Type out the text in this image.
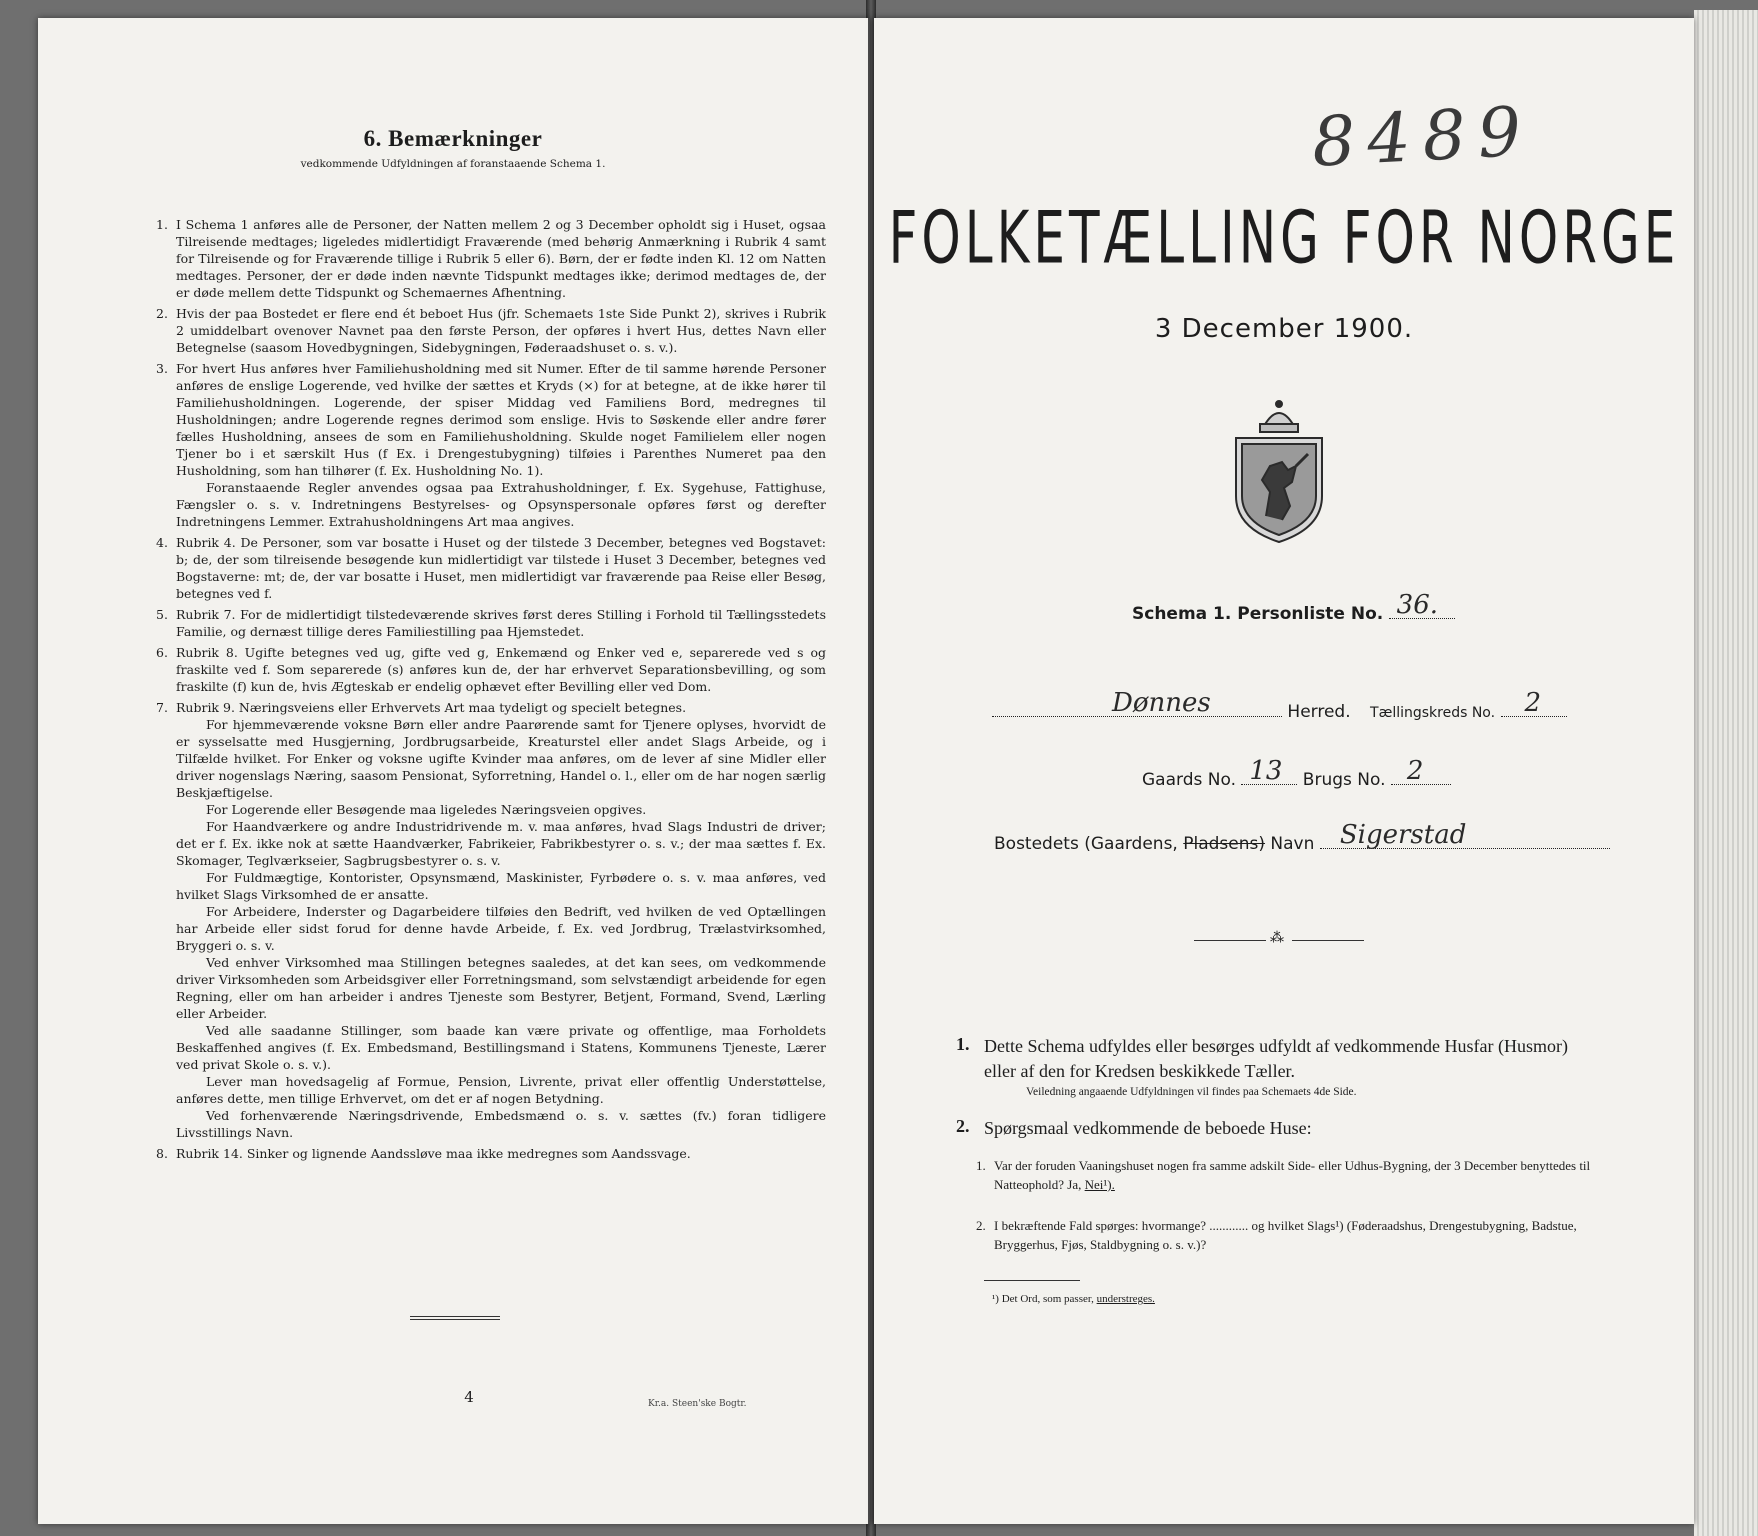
6. Bemærkninger
vedkommende Udfyldningen af foranstaaende Schema 1.
1. I Schema 1 anføres alle de Personer, der Natten mellem 2 og 3 December opholdt sig i Huset, ogsaa Tilreisende medtages; ligeledes midlertidigt Fraværende (med behørig Anmærkning i Rubrik 4 samt for Tilreisende og for Fraværende tillige i Rubrik 5 eller 6). Børn, der er fødte inden Kl. 12 om Natten medtages. Personer, der er døde inden nævnte Tidspunkt medtages ikke; derimod medtages de, der er døde mellem dette Tidspunkt og Schemaernes Afhentning.

2. Hvis der paa Bostedet er flere end ét beboet Hus (jfr. Schemaets 1ste Side Punkt 2), skrives i Rubrik 2 umiddelbart ovenover Navnet paa den første Person, der opføres i hvert Hus, dettes Navn eller Betegnelse (saasom Hovedbygningen, Sidebygningen, Føderaadshuset o. s. v.).

3. For hvert Hus anføres hver Familiehusholdning med sit Numer. Efter de til samme hørende Personer anføres de enslige Logerende, ved hvilke der sættes et Kryds (×) for at betegne, at de ikke hører til Familiehusholdningen. Logerende, der spiser Middag ved Familiens Bord, medregnes til Husholdningen; andre Logerende regnes derimod som enslige. Hvis to Søskende eller andre fører fælles Husholdning, ansees de som en Familiehusholdning. Skulde noget Familielem eller nogen Tjener bo i et særskilt Hus (f Ex. i Drengestubygning) tilføies i Parenthes Numeret paa den Husholdning, som han tilhører (f. Ex. Husholdning No. 1).

Foranstaaende Regler anvendes ogsaa paa Extrahusholdninger, f. Ex. Sygehuse, Fattighuse, Fængsler o. s. v. Indretningens Bestyrelses- og Opsynspersonale opføres først og derefter Indretningens Lemmer. Extrahusholdningens Art maa angives.

4. Rubrik 4. De Personer, som var bosatte i Huset og der tilstede 3 December, betegnes ved Bogstavet: b; de, der som tilreisende besøgende kun midlertidigt var tilstede i Huset 3 December, betegnes ved Bogstaverne: mt; de, der var bosatte i Huset, men midlertidigt var fraværende paa Reise eller Besøg, betegnes ved f.

5. Rubrik 7. For de midlertidigt tilstedeværende skrives først deres Stilling i Forhold til Tællingsstedets Familie, og dernæst tillige deres Familiestilling paa Hjemstedet.

6. Rubrik 8. Ugifte betegnes ved ug, gifte ved g, Enkemænd og Enker ved e, separerede ved s og fraskilte ved f. Som separerede (s) anføres kun de, der har erhvervet Separationsbevilling, og som fraskilte (f) kun de, hvis Ægteskab er endelig ophævet efter Bevilling eller ved Dom.

7. Rubrik 9. Næringsveiens eller Erhvervets Art maa tydeligt og specielt betegnes.

For hjemmeværende voksne Børn eller andre Paarørende samt for Tjenere oplyses, hvorvidt de er sysselsatte med Husgjerning, Jordbrugsarbeide, Kreaturstel eller andet Slags Arbeide, og i Tilfælde hvilket. For Enker og voksne ugifte Kvinder maa anføres, om de lever af sine Midler eller driver nogenslags Næring, saasom Pensionat, Syforretning, Handel o. l., eller om de har nogen særlig Beskjæftigelse.

For Logerende eller Besøgende maa ligeledes Næringsveien opgives.

For Haandværkere og andre Industridrivende m. v. maa anføres, hvad Slags Industri de driver; det er f. Ex. ikke nok at sætte Haandværker, Fabrikeier, Fabrikbestyrer o. s. v.; der maa sættes f. Ex. Skomager, Teglværkseier, Sagbrugsbestyrer o. s. v.

For Fuldmægtige, Kontorister, Opsynsmænd, Maskinister, Fyrbødere o. s. v. maa anføres, ved hvilket Slags Virksomhed de er ansatte.

For Arbeidere, Inderster og Dagarbeidere tilføies den Bedrift, ved hvilken de ved Optællingen har Arbeide eller sidst forud for denne havde Arbeide, f. Ex. ved Jordbrug, Trælastvirksomhed, Bryggeri o. s. v.

Ved enhver Virksomhed maa Stillingen betegnes saaledes, at det kan sees, om vedkommende driver Virksomheden som Arbeidsgiver eller Forretningsmand, som selvstændigt arbeidende for egen Regning, eller om han arbeider i andres Tjeneste som Bestyrer, Betjent, Formand, Svend, Lærling eller Arbeider.

Ved alle saadanne Stillinger, som baade kan være private og offentlige, maa Forholdets Beskaffenhed angives (f. Ex. Embedsmand, Bestillingsmand i Statens, Kommunens Tjeneste, Lærer ved privat Skole o. s. v.).

Lever man hovedsagelig af Formue, Pension, Livrente, privat eller offentlig Understøttelse, anføres dette, men tillige Erhvervet, om det er af nogen Betydning.

Ved forhenværende Næringsdrivende, Embedsmænd o. s. v. sættes (fv.) foran tidligere Livsstillings Navn.

8. Rubrik 14. Sinker og lignende Aandssløve maa ikke medregnes som Aandssvage.

4	Kr.a. Steen'ske Bogtr.
8489
FOLKETÆLLING FOR NORGE
3 December 1900.
Schema 1. Personliste No. 36.
Dønnes	Herred. Tællingskreds No. 2
Gaards No. 13 Brugs No. 2
Bostedets (Gaardens, Pladsens) Navn Sigerstad
⁂
1. Dette Schema udfyldes eller besørges udfyldt af vedkommende Husfar (Husmor) eller af den for Kredsen beskikkede Tæller.
Veiledning angaaende Udfyldningen vil findes paa Schemaets 4de Side.
2. Spørgsmaal vedkommende de beboede Huse:
1. Var der foruden Vaaningshuset nogen fra samme adskilt Side- eller Udhus-Bygning, der 3 December benyttedes til Natteophold? Ja, Nei¹).
2. I bekræftende Fald spørges: hvormange? ............ og hvilket Slags¹) (Føderaadshus, Drengestubygning, Badstue, Bryggerhus, Fjøs, Staldbygning o. s. v.)?
¹) Det Ord, som passer, understreges.
